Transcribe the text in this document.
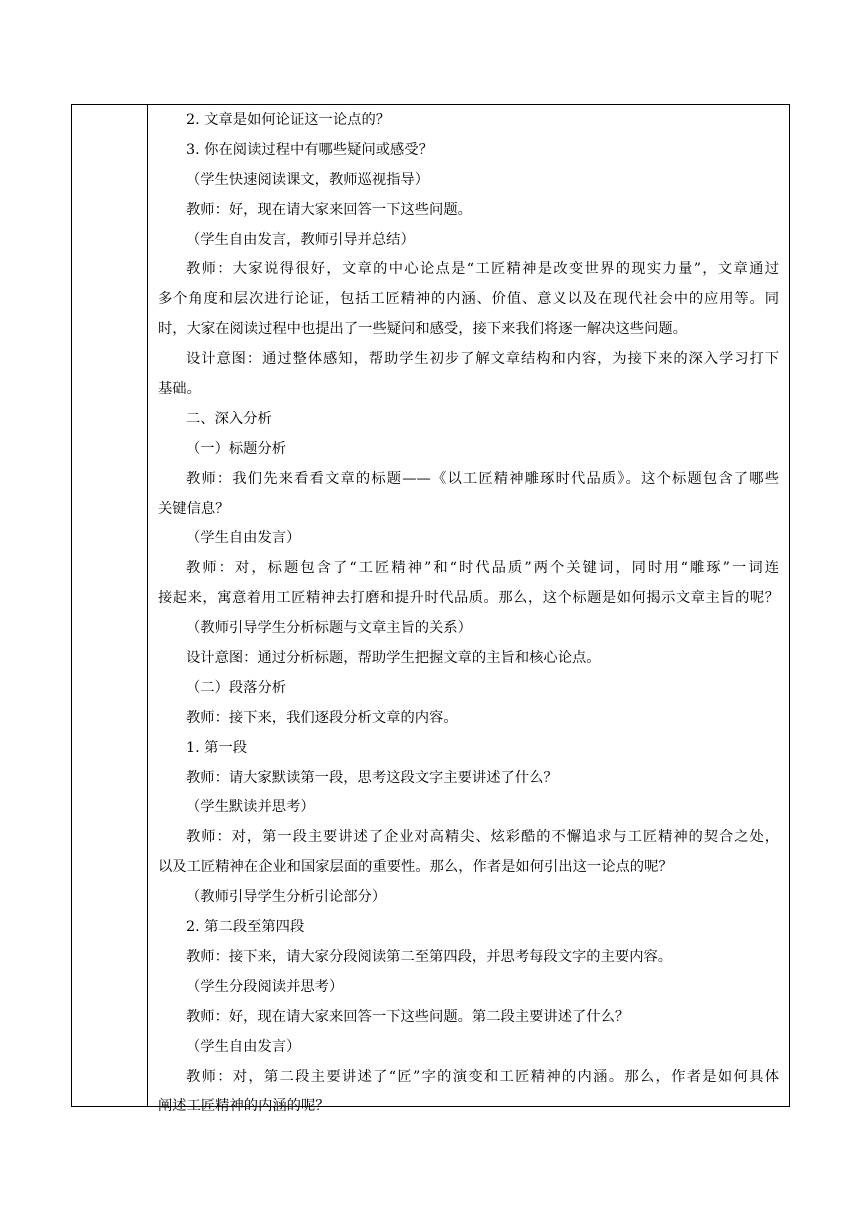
2. 文章是如何论证这一论点的？
3. 你在阅读过程中有哪些疑问或感受？
（学生快速阅读课文，教师巡视指导）
教师：好，现在请大家来回答一下这些问题。
（学生自由发言，教师引导并总结）
教师：大家说得很好，文章的中心论点是“工匠精神是改变世界的现实力量”，文章通过
多个角度和层次进行论证，包括工匠精神的内涵、价值、意义以及在现代社会中的应用等。同
时，大家在阅读过程中也提出了一些疑问和感受，接下来我们将逐一解决这些问题。
设计意图：通过整体感知，帮助学生初步了解文章结构和内容，为接下来的深入学习打下
基础。
二、深入分析
（一）标题分析
教师：我们先来看看文章的标题——《以工匠精神雕琢时代品质》。这个标题包含了哪些
关键信息？
（学生自由发言）
教师：对，标题包含了“工匠精神”和“时代品质”两个关键词，同时用“雕琢”一词连
接起来，寓意着用工匠精神去打磨和提升时代品质。那么，这个标题是如何揭示文章主旨的呢？
（教师引导学生分析标题与文章主旨的关系）
设计意图：通过分析标题，帮助学生把握文章的主旨和核心论点。
（二）段落分析
教师：接下来，我们逐段分析文章的内容。
1. 第一段
教师：请大家默读第一段，思考这段文字主要讲述了什么？
（学生默读并思考）
教师：对，第一段主要讲述了企业对高精尖、炫彩酷的不懈追求与工匠精神的契合之处，
以及工匠精神在企业和国家层面的重要性。那么，作者是如何引出这一论点的呢？
（教师引导学生分析引论部分）
2. 第二段至第四段
教师：接下来，请大家分段阅读第二至第四段，并思考每段文字的主要内容。
（学生分段阅读并思考）
教师：好，现在请大家来回答一下这些问题。第二段主要讲述了什么？
（学生自由发言）
教师：对，第二段主要讲述了“匠”字的演变和工匠精神的内涵。那么，作者是如何具体
阐述工匠精神的内涵的呢？
